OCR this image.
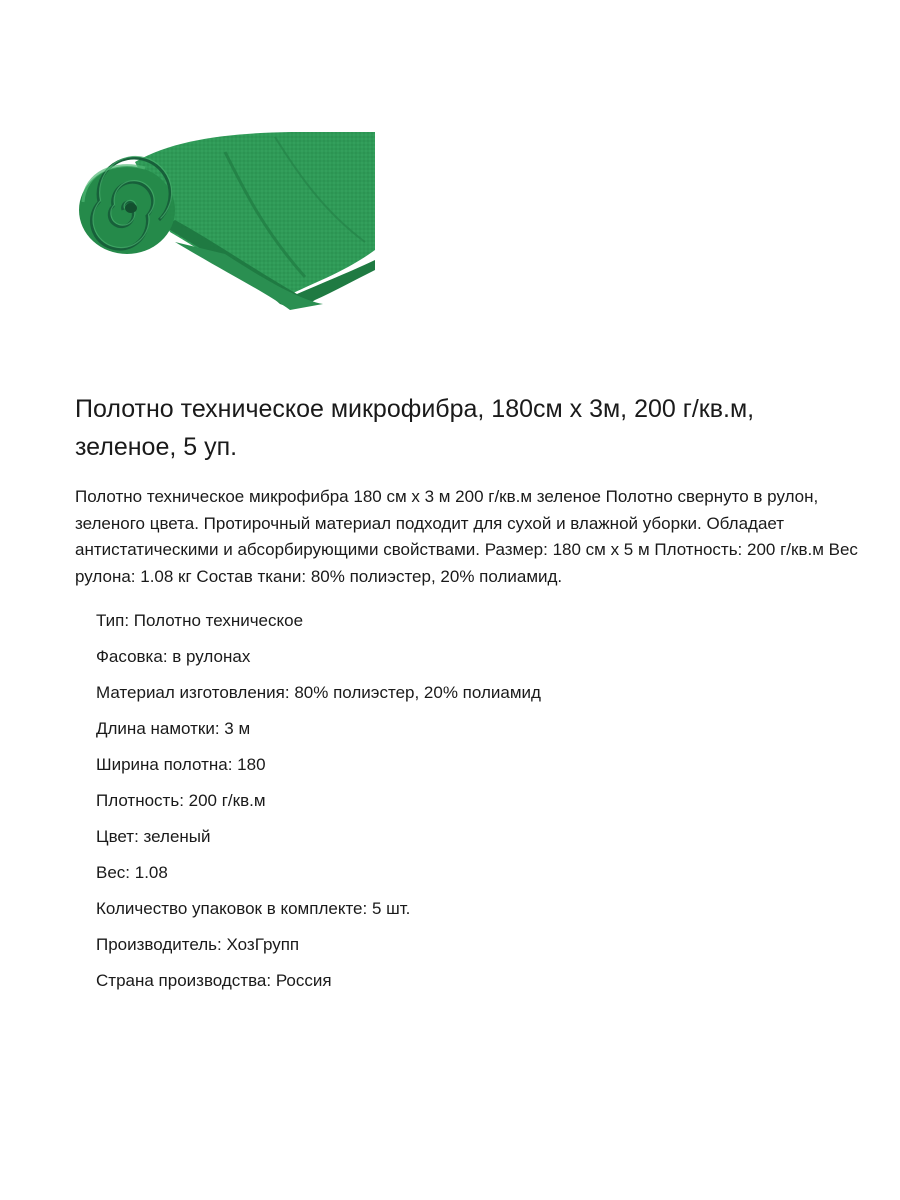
Полотно техническое микрофибра, 180см х 3м, 200 г/кв.м, зеленое, 5 уп.

Полотно техническое микрофибра 180 см х 3 м 200 г/кв.м зеленое Полотно свернуто в рулон, зеленого цвета. Протирочный материал подходит для сухой и влажной уборки. Обладает антистатическими и абсорбирующими свойствами. Размер: 180 см х 5 м Плотность: 200 г/кв.м Вес рулона: 1.08 кг Состав ткани: 80% полиэстер, 20% полиамид.

Тип: Полотно техническое
Фасовка: в рулонах
Материал изготовления: 80% полиэстер, 20% полиамид
Длина намотки: 3 м
Ширина полотна: 180
Плотность: 200 г/кв.м
Цвет: зеленый
Вес: 1.08
Количество упаковок в комплекте: 5 шт.
Производитель: ХозГрупп
Страна производства: Россия
